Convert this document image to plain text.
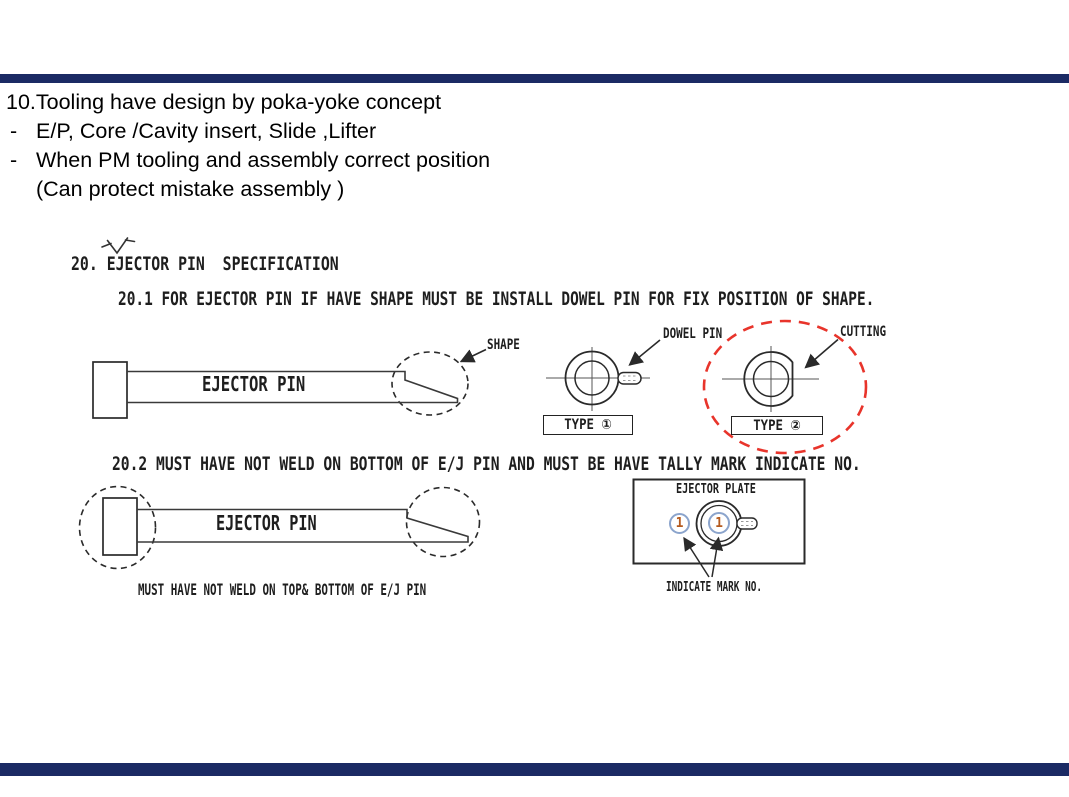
10.Tooling have design by poka-yoke concept
- E/P, Core /Cavity insert, Slide ,Lifter
- When PM tooling and assembly correct position
(Can protect mistake assembly )
20. EJECTOR PIN  SPECIFICATION
20.1 FOR EJECTOR PIN IF HAVE SHAPE MUST BE INSTALL DOWEL PIN FOR FIX POSITION OF SHAPE.
EJECTOR PIN
SHAPE
DOWEL PIN	CUTTING
TYPE ①	TYPE ②
20.2 MUST HAVE NOT WELD ON BOTTOM OF E/J PIN AND MUST BE HAVE TALLY MARK INDICATE NO.
EJECTOR PIN
MUST HAVE NOT WELD ON TOP& BOTTOM OF E/J PIN
EJECTOR PLATE
INDICATE MARK NO.
1	1
